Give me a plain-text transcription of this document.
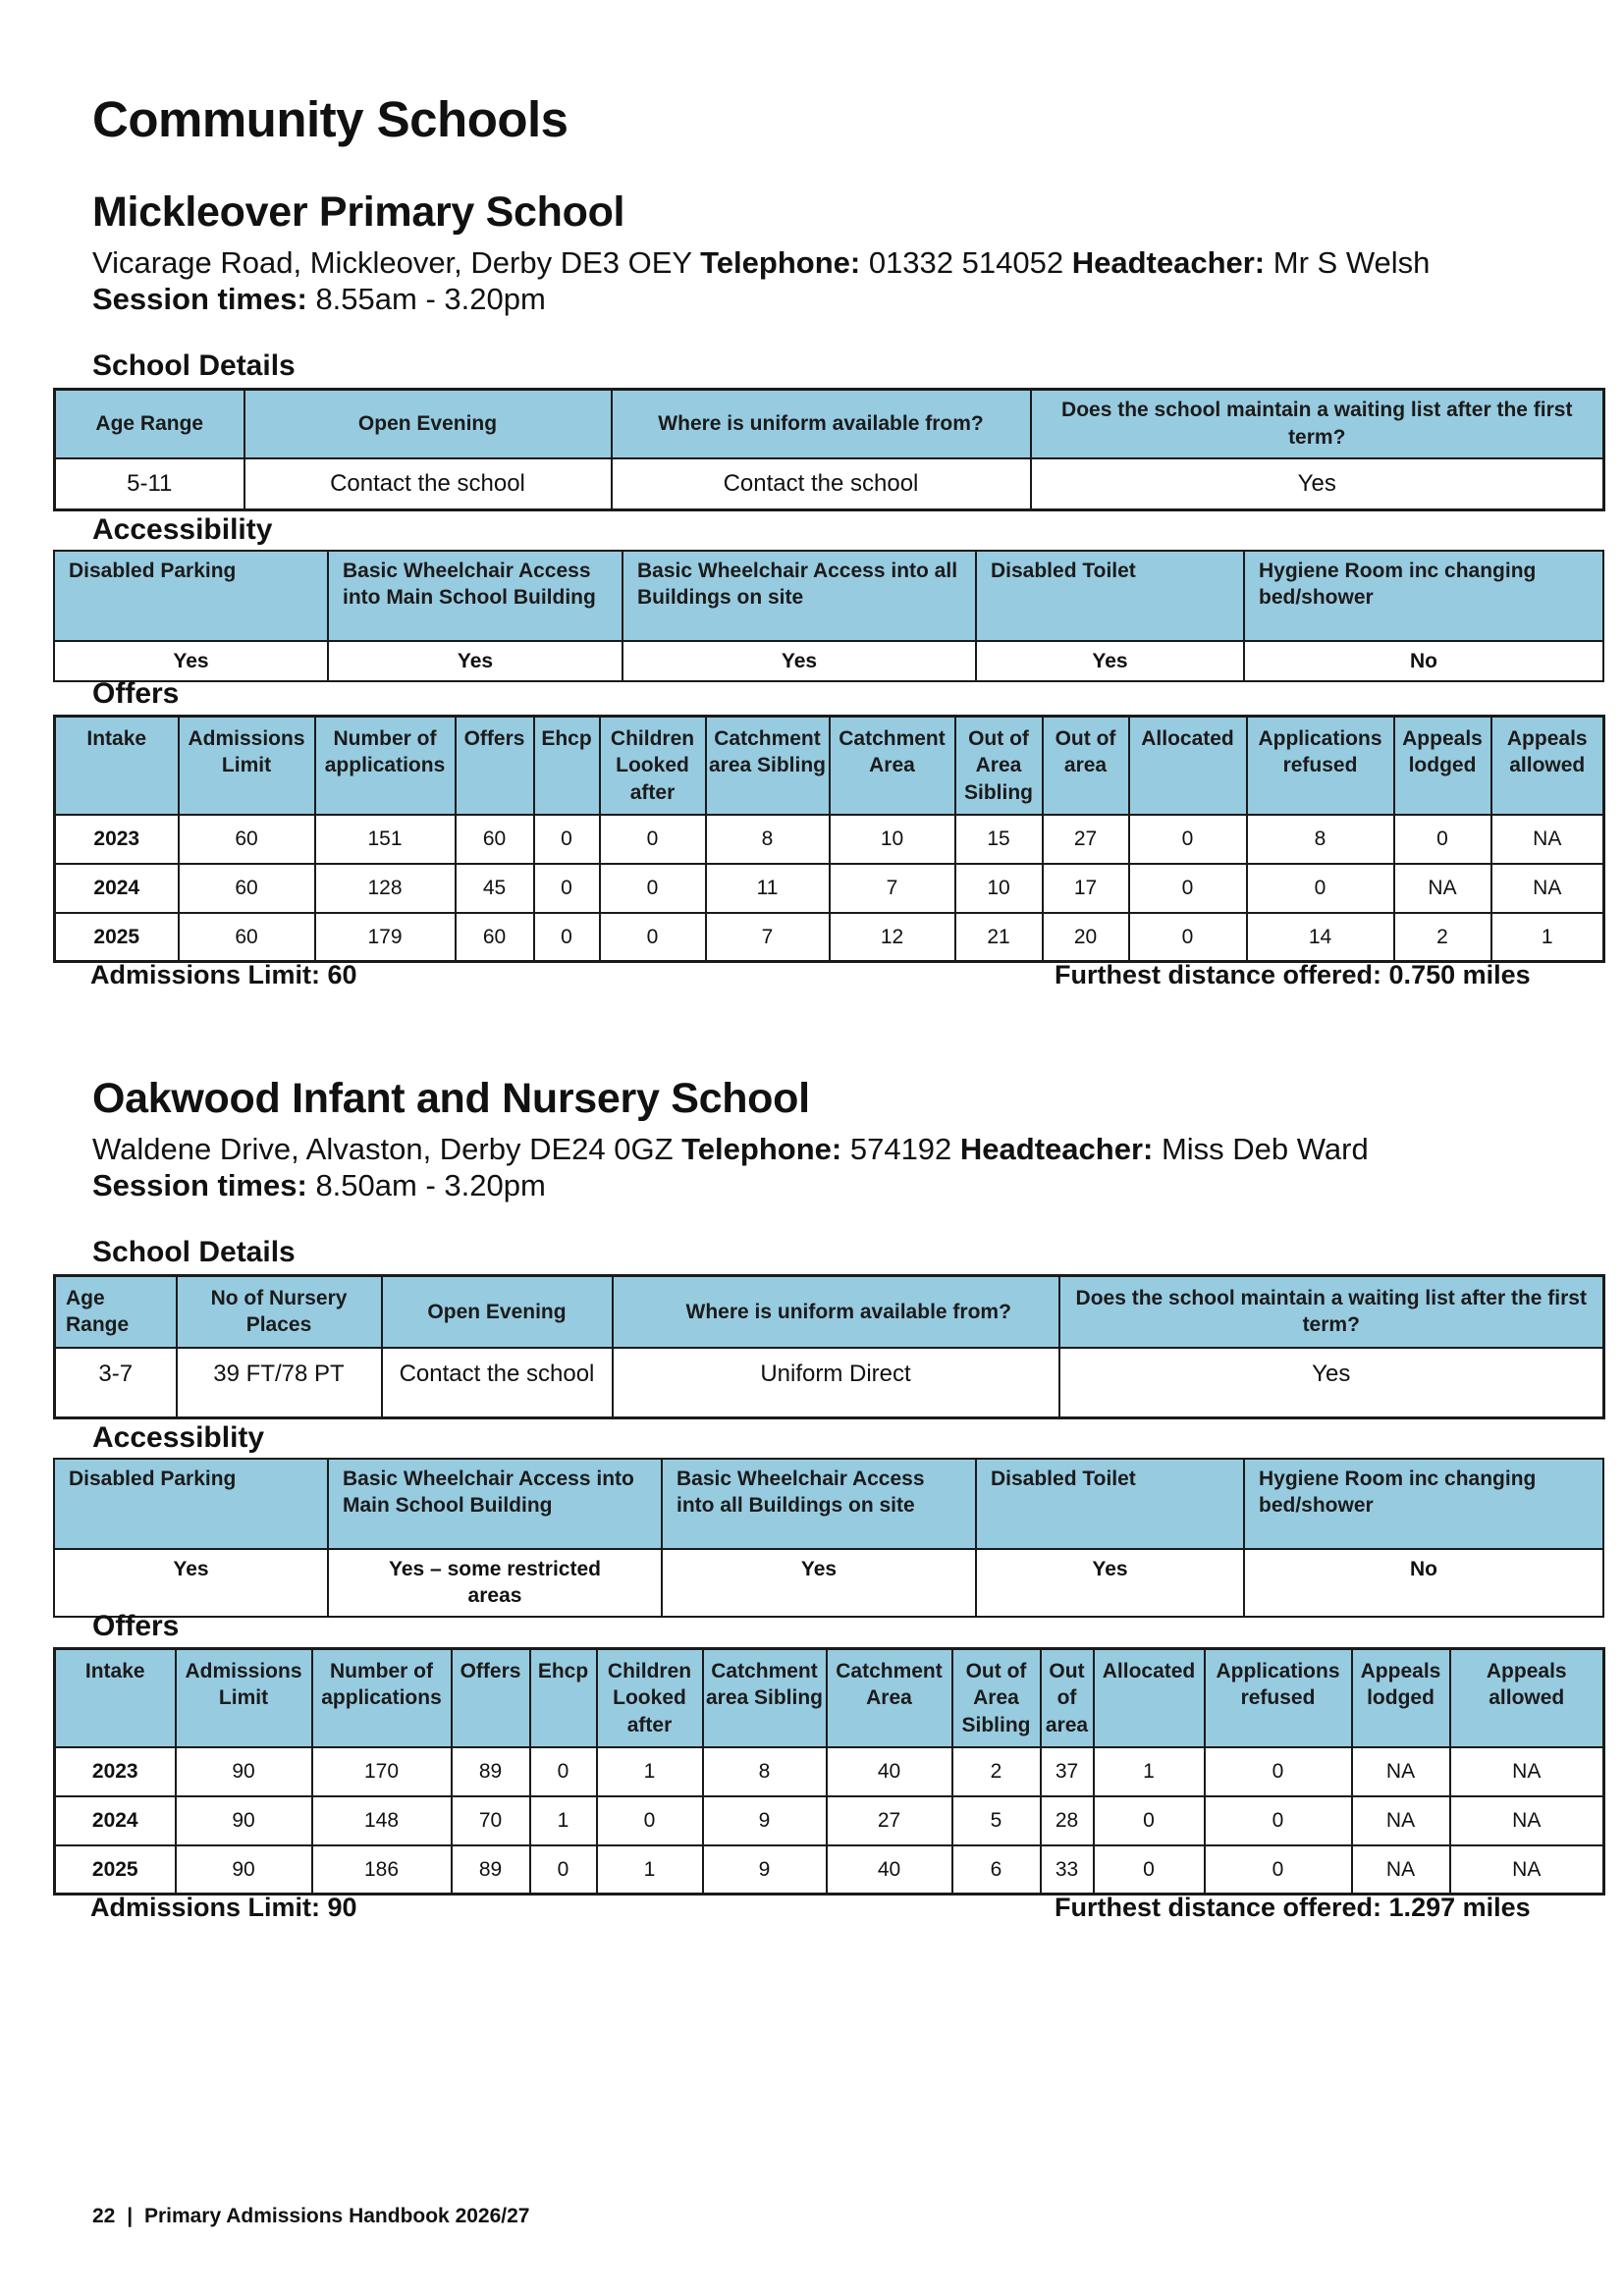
Community Schools
Mickleover Primary School
Vicarage Road, Mickleover, Derby DE3 OEY Telephone: 01332 514052 Headteacher: Mr S Welsh
Session times: 8.55am - 3.20pm
School Details
Age Range	Open Evening	Where is uniform available from?	Does the school maintain a waiting list after the first term?
5-11	Contact the school	Contact the school	Yes
Accessibility
Disabled Parking	Basic Wheelchair Access into Main School Building	Basic Wheelchair Access into all Buildings on site	Disabled Toilet	Hygiene Room inc changing bed/shower
Yes	Yes	Yes	Yes	No
Offers
Intake	Admissions Limit	Number of applications	Offers	Ehcp	Children Looked after	Catchment area Sibling	Catchment Area	Out of Area Sibling	Out of area	Allocated	Applications refused	Appeals lodged	Appeals allowed
2023	60	151	60	0	0	8	10	15	27	0	8	0	NA
2024	60	128	45	0	0	11	7	10	17	0	0	NA	NA
2025	60	179	60	0	0	7	12	21	20	0	14	2	1
Admissions Limit: 60	Furthest distance offered: 0.750 miles
Oakwood Infant and Nursery School
Waldene Drive, Alvaston, Derby DE24 0GZ Telephone: 574192 Headteacher: Miss Deb Ward
Session times: 8.50am - 3.20pm
School Details
Age Range	No of Nursery Places	Open Evening	Where is uniform available from?	Does the school maintain a waiting list after the first term?
3-7	39 FT/78 PT	Contact the school	Uniform Direct	Yes
Accessiblity
Disabled Parking	Basic Wheelchair Access into Main School Building	Basic Wheelchair Access into all Buildings on site	Disabled Toilet	Hygiene Room inc changing bed/shower
Yes	Yes – some restricted areas	Yes	Yes	No
Offers
Intake	Admissions Limit	Number of applications	Offers	Ehcp	Children Looked after	Catchment area Sibling	Catchment Area	Out of Area Sibling	Out of area	Allocated	Applications refused	Appeals lodged	Appeals allowed
2023	90	170	89	0	1	8	40	2	37	1	0	NA	NA
2024	90	148	70	1	0	9	27	5	28	0	0	NA	NA
2025	90	186	89	0	1	9	40	6	33	0	0	NA	NA
Admissions Limit: 90	Furthest distance offered: 1.297 miles
22 | Primary Admissions Handbook 2026/27
